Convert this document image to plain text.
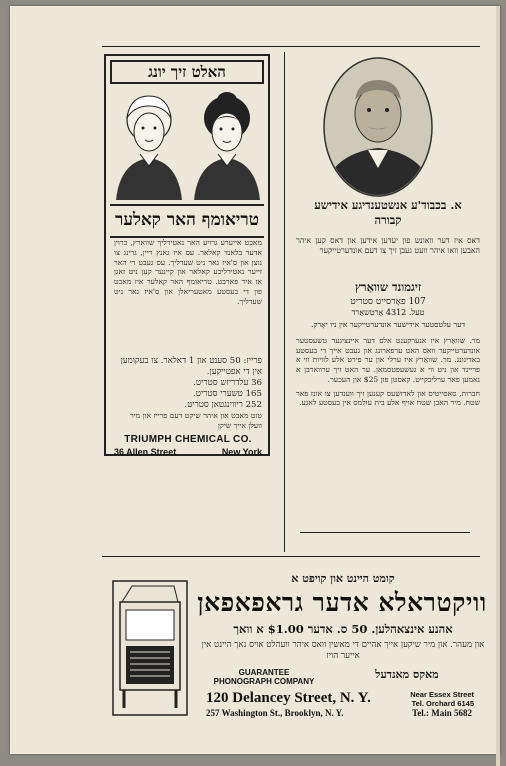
האלט זיך יונג
טריאומף האר קאלער
מאכט אייערע גרויע האר נאטירליך שווארץ, ברוין אדער בלאנד קאלאר. עס איז גאנץ ריין, גרינג צו נוצן און ס'איז גאר ניט שעדליך. עס געבט די האר זייער נאטירליכע קאלאר און קיינער קען ניט זאגן אז איר פארבט. טריאומף האר קאלער איז מאכט פון די בעסטע מאטעריאלן און ס'איז גאר ניט שעדליך.
פרייז: 50 סענט און 1 דאלאר. צו בעקומען אין די אפטייקען.
36 עלדריזש סטריט.
165 טשערי סטריט.
252 ריווינגטאן סטריט.
טוט מאכט און איהר שיקט דעם פרייז און מיר וועלן אייך שיקן
TRIUMPH CHEMICAL CO.
36 Allen Street	New York
א. בכבוד'ע אנשטענדיגע אידישע קבורה
דאס איז דער וואונש פון יעדען אידען און דאס קען איהר האבען וואו איהר וועט געבן זיך צו דעם אונדערטייקער
זיגמונד שוואַרץ
107 פאָרסייט סטריט
טעל. 4312 אָרטשאַרד
דער עלטסטער אידישער אונדערטייקער אין ניו יאָרק.
מר. שוואַרץ איז אנערקענט אלס דער איינציגער טשעסטער אונדערטייקער וואס האט ערפארונג און געבט אייך די בעסטע באדינונג. מר. שוואַרץ איז ערלי און ער פירט אלע לוויות ווי א פריינד און ניט ווי א געשעפטסמאן. ער האט זיך ערווארבן א נאמען פאר ערליכקייט. קאסטן פון $25 און העכער.
חברות, סאסייטיס און לאדזשעס קענען זיך ווענדען צו אונז פאר שטח. מיר האבן שטח אויף אלע בית עולמס אין בעסטע לאגע.
קומט הײנט און קויפט א
וויקטראלא אדער גראפאפאן
אהנע אינצאהלען. 50 ס. אדער $1.00 א וואך
און מעהר. און מיר שיקען אייך אהיים די מאשין וואס איהר וועהלט אויס נאך היינט אין אייער הויז
GUARANTEE PHONOGRAPH COMPANY
מאקס מאנדעל
120 Delancey Street, N. Y.	Near Essex Street
Tel. Orchard 6145
257 Washington St., Brooklyn, N. Y.	Tel.: Main 5682
